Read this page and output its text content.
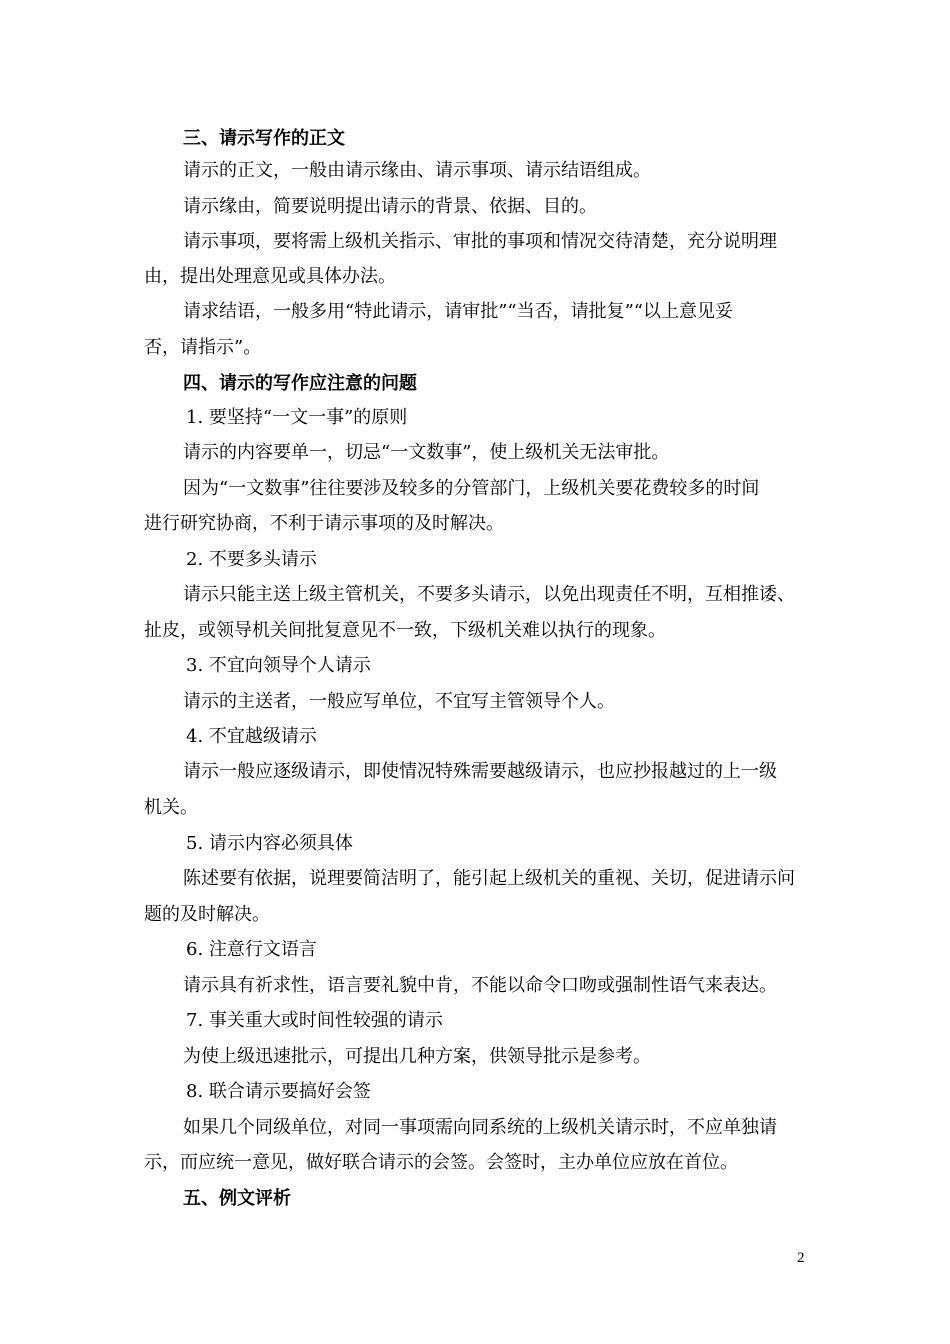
三、请示写作的正文
请示的正文，一般由请示缘由、请示事项、请示结语组成。
请示缘由，简要说明提出请示的背景、依据、目的。
请示事项，要将需上级机关指示、审批的事项和情况交待清楚，充分说明理
由，提出处理意见或具体办法。
请求结语，一般多用“特此请示，请审批”“当否，请批复”“以上意见妥
否，请指示”。
四、请示的写作应注意的问题
1. 要坚持“一文一事”的原则
请示的内容要单一，切忌“一文数事”，使上级机关无法审批。
因为“一文数事”往往要涉及较多的分管部门，上级机关要花费较多的时间
进行研究协商，不利于请示事项的及时解决。
2. 不要多头请示
请示只能主送上级主管机关，不要多头请示，以免出现责任不明，互相推诿、
扯皮，或领导机关间批复意见不一致，下级机关难以执行的现象。
3. 不宜向领导个人请示
请示的主送者，一般应写单位，不宜写主管领导个人。
4. 不宜越级请示
请示一般应逐级请示，即使情况特殊需要越级请示，也应抄报越过的上一级
机关。
5. 请示内容必须具体
陈述要有依据，说理要简洁明了，能引起上级机关的重视、关切，促进请示问
题的及时解决。
6. 注意行文语言
请示具有祈求性，语言要礼貌中肯，不能以命令口吻或强制性语气来表达。
7. 事关重大或时间性较强的请示
为使上级迅速批示，可提出几种方案，供领导批示是参考。
8. 联合请示要搞好会签
如果几个同级单位，对同一事项需向同系统的上级机关请示时，不应单独请
示，而应统一意见，做好联合请示的会签。会签时，主办单位应放在首位。
五、例文评析
2
